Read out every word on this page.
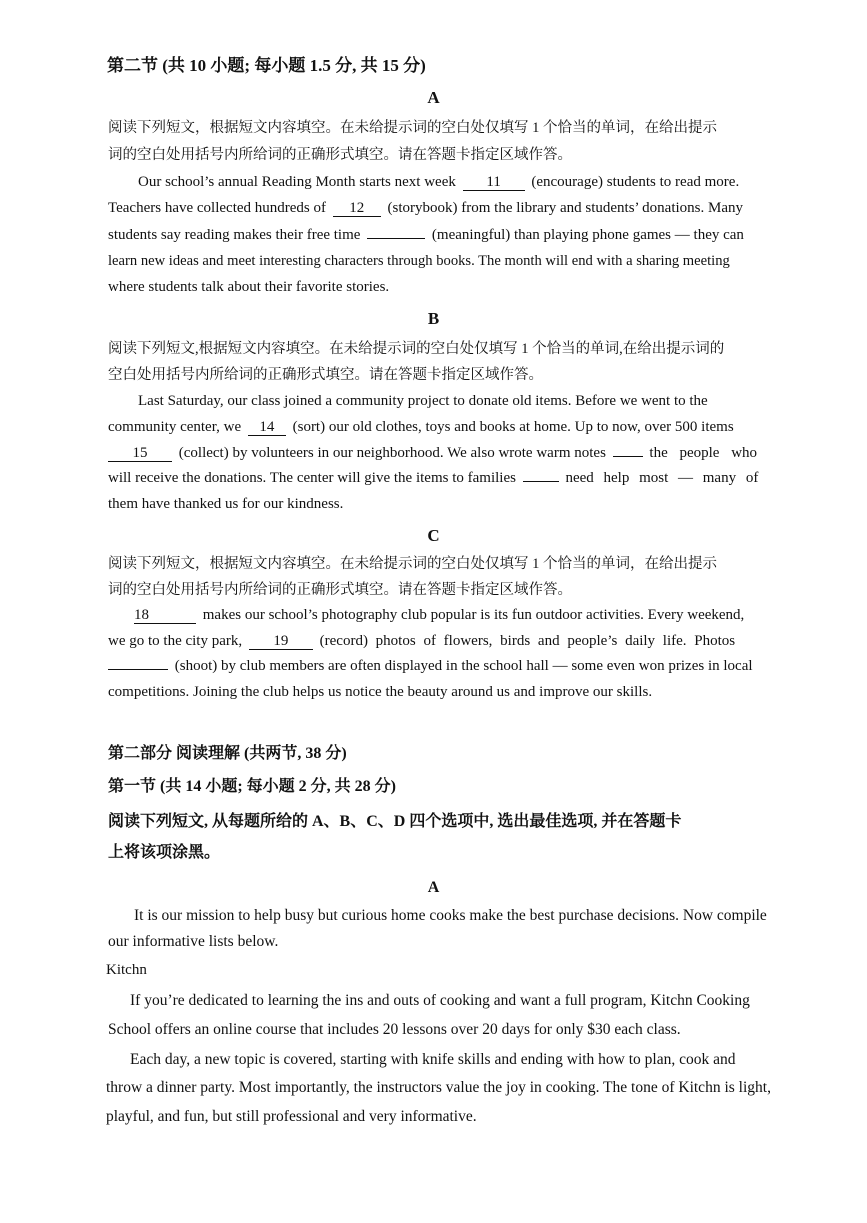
第二节 (共 10 小题; 每小题 1.5 分, 共 15 分)
A
阅读下列短文，根据短文内容填空。在未给提示词的空白处仅填写 1 个恰当的单词，在给出提示
词的空白处用括号内所给词的正确形式填空。请在答题卡指定区域作答。
Our school’s annual Reading Month starts next week 11 (encourage) students to read more.
Teachers have collected hundreds of 12 (storybook) from the library and students’ donations. Many
students say reading makes their free time	(meaningful) than playing phone games — they can
learn new ideas and meet interesting characters through books. The month will end with a sharing meeting
where students talk about their favorite stories.
B
阅读下列短文,根据短文内容填空。在未给提示词的空白处仅填写 1 个恰当的单词,在给出提示词的
空白处用括号内所给词的正确形式填空。请在答题卡指定区域作答。
Last Saturday, our class joined a community project to donate old items. Before we went to the
community center, we 14 (sort) our old clothes, toys and books at home. Up to now, over 500 items
15 (collect) by volunteers in our neighborhood. We also wrote warm notes	the people who
will receive the donations. The center will give the items to families	need help most — many of
them have thanked us for our kindness.
C
阅读下列短文，根据短文内容填空。在未给提示词的空白处仅填写 1 个恰当的单词，在给出提示
词的空白处用括号内所给词的正确形式填空。请在答题卡指定区域作答。
18	makes our school’s photography club popular is its fun outdoor activities. Every weekend,
we go to the city park, 19 (record) photos of flowers, birds and people’s daily life. Photos
(shoot) by club members are often displayed in the school hall — some even won prizes in local
competitions. Joining the club helps us notice the beauty around us and improve our skills.
第二部分 阅读理解 (共两节, 38 分)
第一节 (共 14 小题; 每小题 2 分, 共 28 分)
阅读下列短文, 从每题所给的 A、B、C、D 四个选项中, 选出最佳选项, 并在答题卡
上将该项涂黑。
A
It is our mission to help busy but curious home cooks make the best purchase decisions. Now compile
our informative lists below.
Kitchn
If you’re dedicated to learning the ins and outs of cooking and want a full program, Kitchn Cooking
School offers an online course that includes 20 lessons over 20 days for only $30 each class.
Each day, a new topic is covered, starting with knife skills and ending with how to plan, cook and
throw a dinner party. Most importantly, the instructors value the joy in cooking. The tone of Kitchn is light,
playful, and fun, but still professional and very informative.
